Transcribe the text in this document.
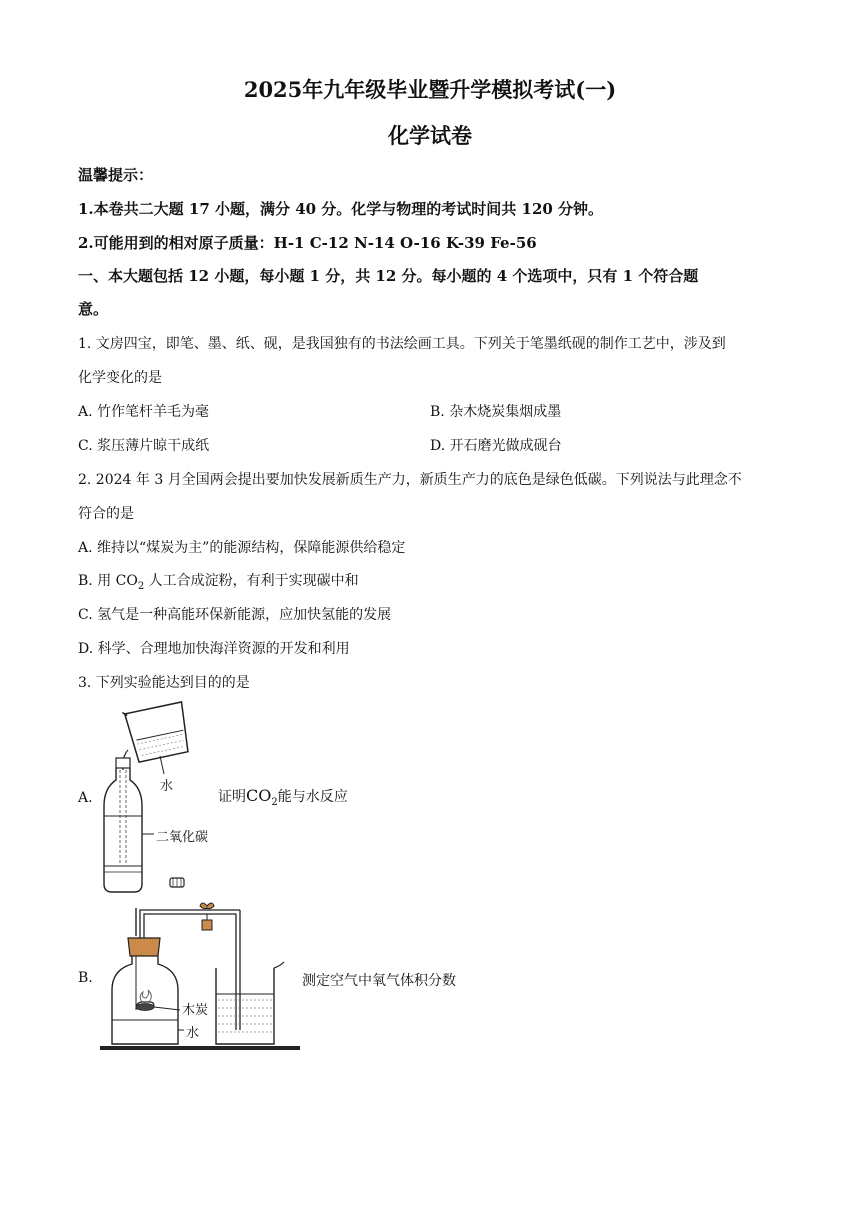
2025年九年级毕业暨升学模拟考试(一)
化学试卷
温馨提示：
1.本卷共二大题 17 小题，满分 40 分。化学与物理的考试时间共 120 分钟。
2.可能用到的相对原子质量：H-1 C-12 N-14 O-16 K-39 Fe-56
一、本大题包括 12 小题，每小题 1 分，共 12 分。每小题的 4 个选项中，只有 1 个符合题
意。
1. 文房四宝，即笔、墨、纸、砚，是我国独有的书法绘画工具。下列关于笔墨纸砚的制作工艺中，涉及到
化学变化的是
A. 竹作笔杆羊毛为毫	B. 杂木烧炭集烟成墨
C. 浆压薄片晾干成纸	D. 开石磨光做成砚台
2. 2024 年 3 月全国两会提出要加快发展新质生产力，新质生产力的底色是绿色低碳。下列说法与此理念不
符合的是
A. 维持以“煤炭为主”的能源结构，保障能源供给稳定
B. 用 $CO_2$ 人工合成淀粉，有利于实现碳中和
C. 氢气是一种高能环保新能源，应加快氢能的发展
D. 科学、合理地加快海洋资源的开发和利用
3. 下列实验能达到目的的是
A.	证明$CO_2$能与水反应
水
二氧化碳
B.	测定空气中氧气体积分数
木炭
水
